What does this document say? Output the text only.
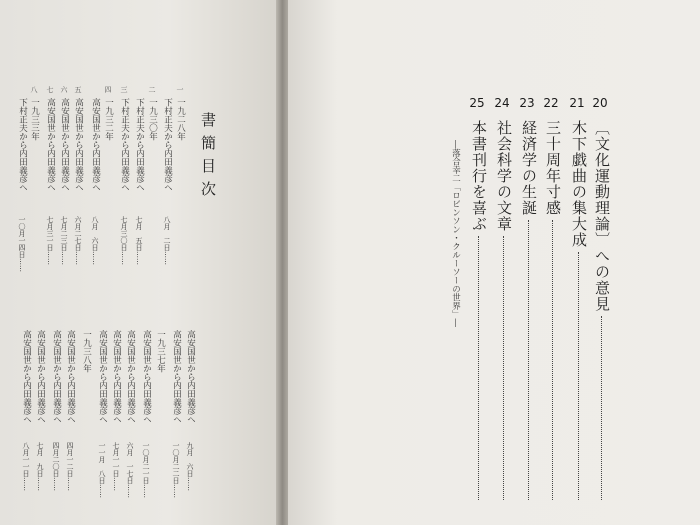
書簡目次
一
一九二八年
下村正夫から内田義彦へ
八月　二日……
二
一九三〇年
下村正夫から内田義彦へ
七月　五日……
三
下村正夫から内田義彦へ
七月三〇日……
四
一九三二年
高安国世から内田義彦へ
八月　六日……
五
高安国世から内田義彦へ
六月二七日……
六
高安国世から内田義彦へ
七月二三日……
七
高安国世から内田義彦へ
七月三一日……
八
一九三三年
下村正夫から内田義彦へ
一〇月一四日……
高安国世から内田義彦へ
九月　六日……
高安国世から内田義彦へ
一〇月二二日……
一九三七年
高安国世から内田義彦へ
一〇月二一日……
高安国世から内田義彦へ
六月　一七日……
高安国世から内田義彦へ
七月一一日……
高安国世から内田義彦へ
一一月　八日……
一九三八年
高安国世から内田義彦へ
四月一二日……
高安国世から内田義彦へ
四月二〇日……
高安国世から内田義彦へ
七月　九日……
高安国世から内田義彦へ
八月一一日……
20
〔文化運動理論〕への意見
21
木下戯曲の集大成
22
三十周年寸感
23
経済学の生誕
24
社会科学の文章
25
本書刊行を喜ぶ
―落合幸二「ロビンソン・クルーソーの世界」―
